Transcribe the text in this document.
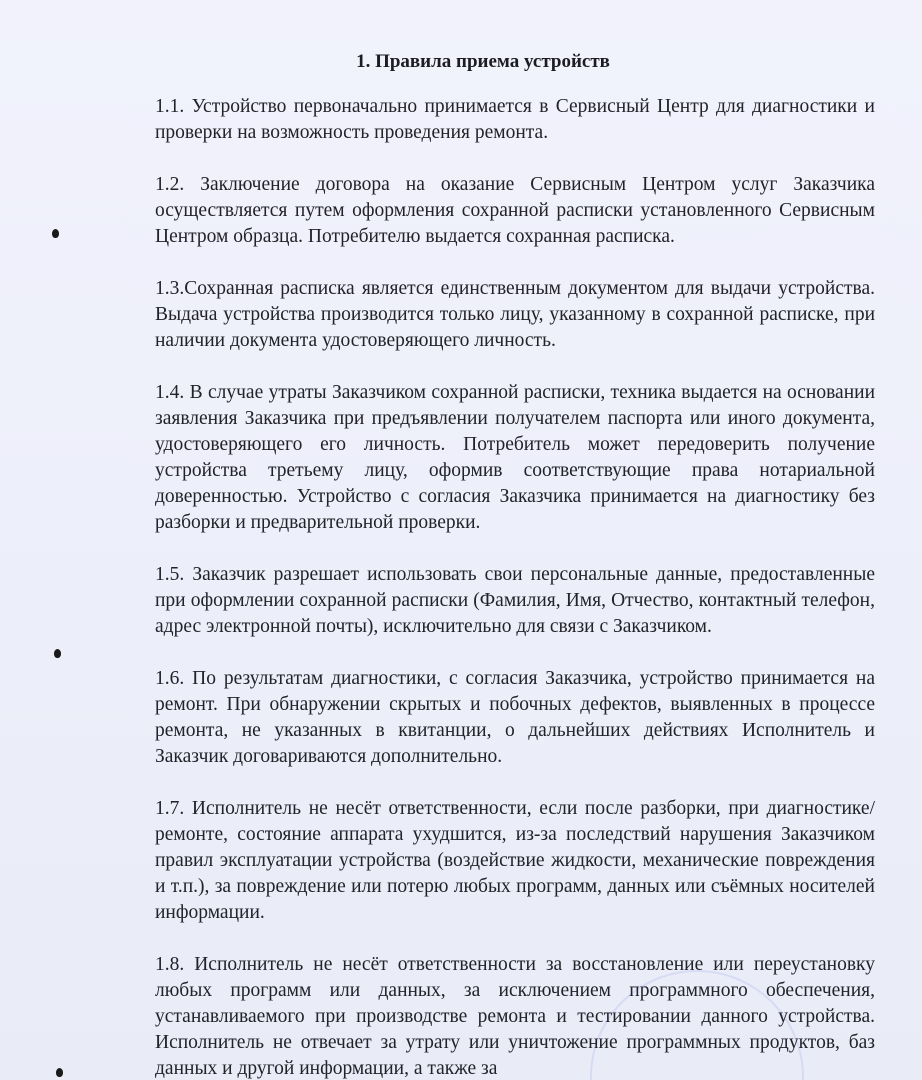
1. Правила приема устройств

1.1. Устройство первоначально принимается в Сервисный Центр для диагностики и проверки на возможность проведения ремонта.

1.2. Заключение договора на оказание Сервисным Центром услуг Заказчика осуществляется путем оформления сохранной расписки установленного Сервисным Центром образца. Потребителю выдается сохранная расписка.

1.3.Сохранная расписка является единственным документом для выдачи устройства. Выдача устройства производится только лицу, указанному в сохранной расписке, при наличии документа удостоверяющего личность.

1.4. В случае утраты Заказчиком сохранной расписки, техника выдается на основании заявления Заказчика при предъявлении получателем паспорта или иного документа, удостоверяющего его личность. Потребитель может передоверить получение устройства третьему лицу, оформив соответствующие права нотариальной доверенностью. Устройство с согласия Заказчика принимается на диагностику без разборки и предварительной проверки.

1.5. Заказчик разрешает использовать свои персональные данные, предоставленные при оформлении сохранной расписки (Фамилия, Имя, Отчество, контактный телефон, адрес электронной почты), исключительно для связи с Заказчиком.

1.6. По результатам диагностики, с согласия Заказчика, устройство принимается на ремонт. При обнаружении скрытых и побочных дефектов, выявленных в процессе ремонта, не указанных в квитанции, о дальнейших действиях Исполнитель и Заказчик договариваются дополнительно.

1.7. Исполнитель не несёт ответственности, если после разборки, при диагностике/ремонте, состояние аппарата ухудшится, из-за последствий нарушения Заказчиком правил эксплуатации устройства (воздействие жидкости, механические повреждения и т.п.), за повреждение или потерю любых программ, данных или съёмных носителей информации.

1.8. Исполнитель не несёт ответственности за восстановление или переустановку любых программ или данных, за исключением программного обеспечения, устанавливаемого при производстве ремонта и тестировании данного устройства. Исполнитель не отвечает за утрату или уничтожение программных продуктов, баз данных и другой информации, а также за
